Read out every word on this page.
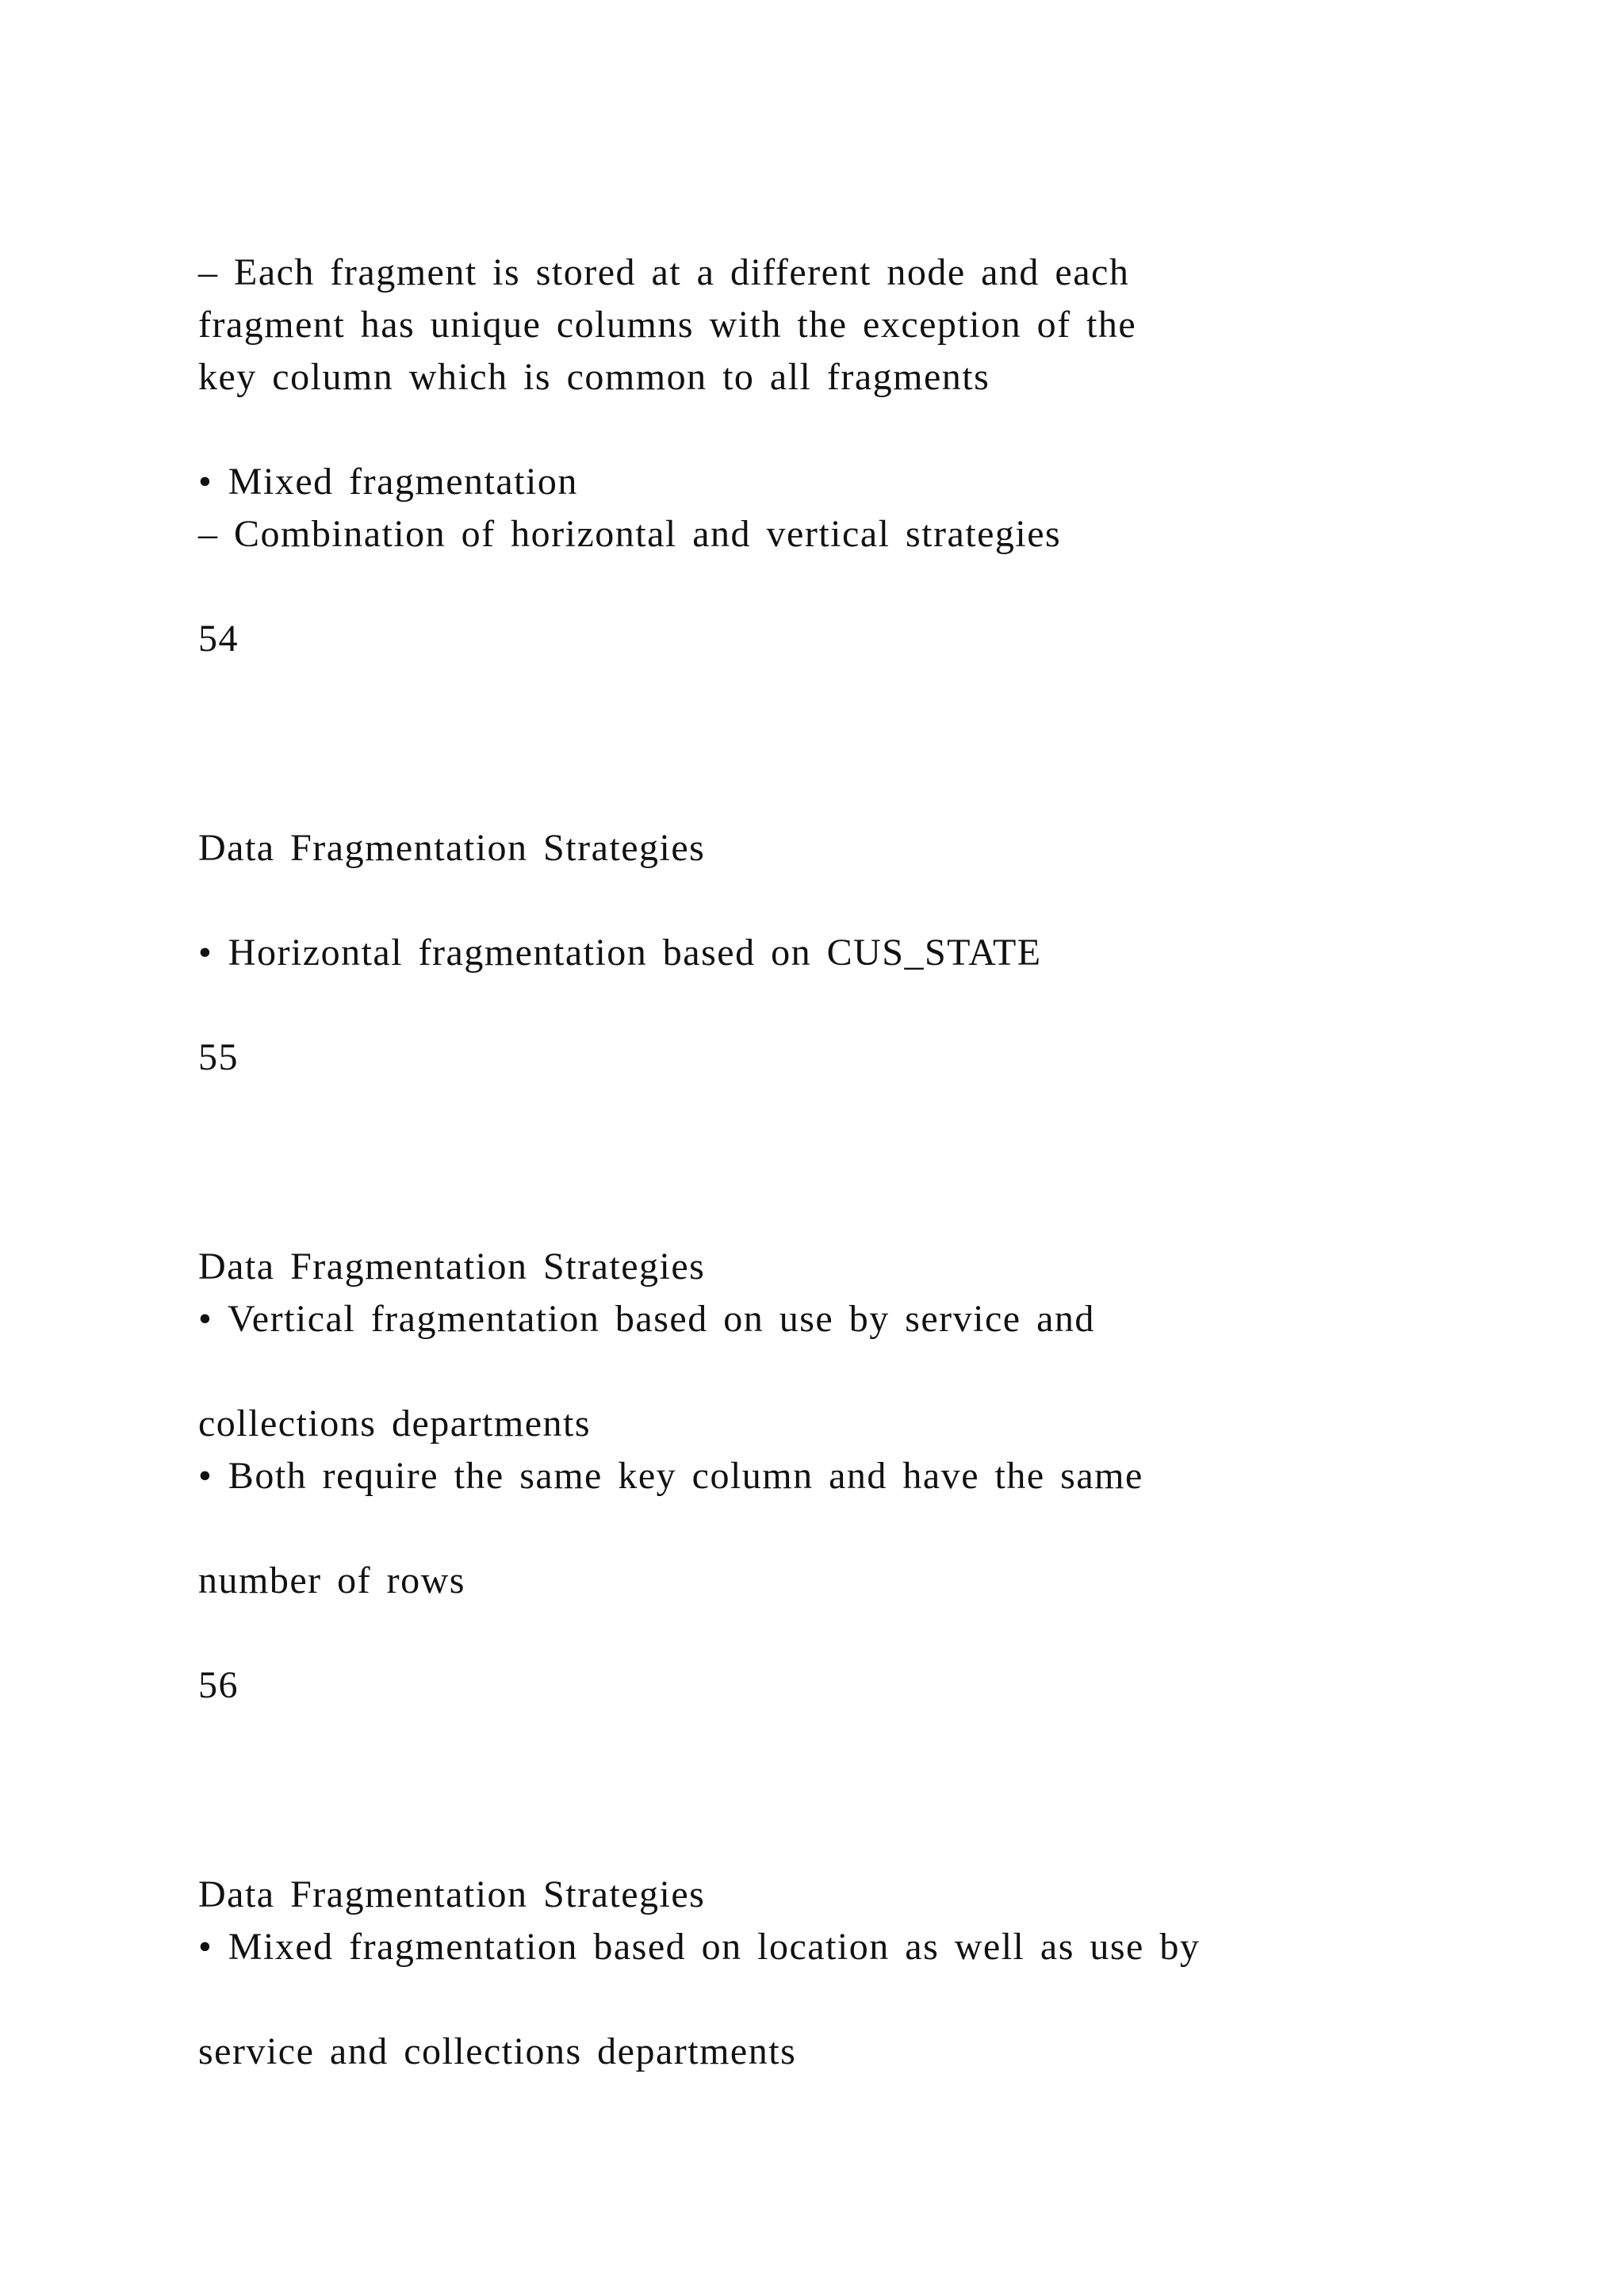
– Each fragment is stored at a different node and each

fragment has unique columns with the exception of the

key column which is common to all fragments

• Mixed fragmentation

– Combination of horizontal and vertical strategies

54

Data Fragmentation Strategies

• Horizontal fragmentation based on CUS_STATE

55

Data Fragmentation Strategies

• Vertical fragmentation based on use by service and

collections departments

• Both require the same key column and have the same

number of rows

56

Data Fragmentation Strategies

• Mixed fragmentation based on location as well as use by

service and collections departments
